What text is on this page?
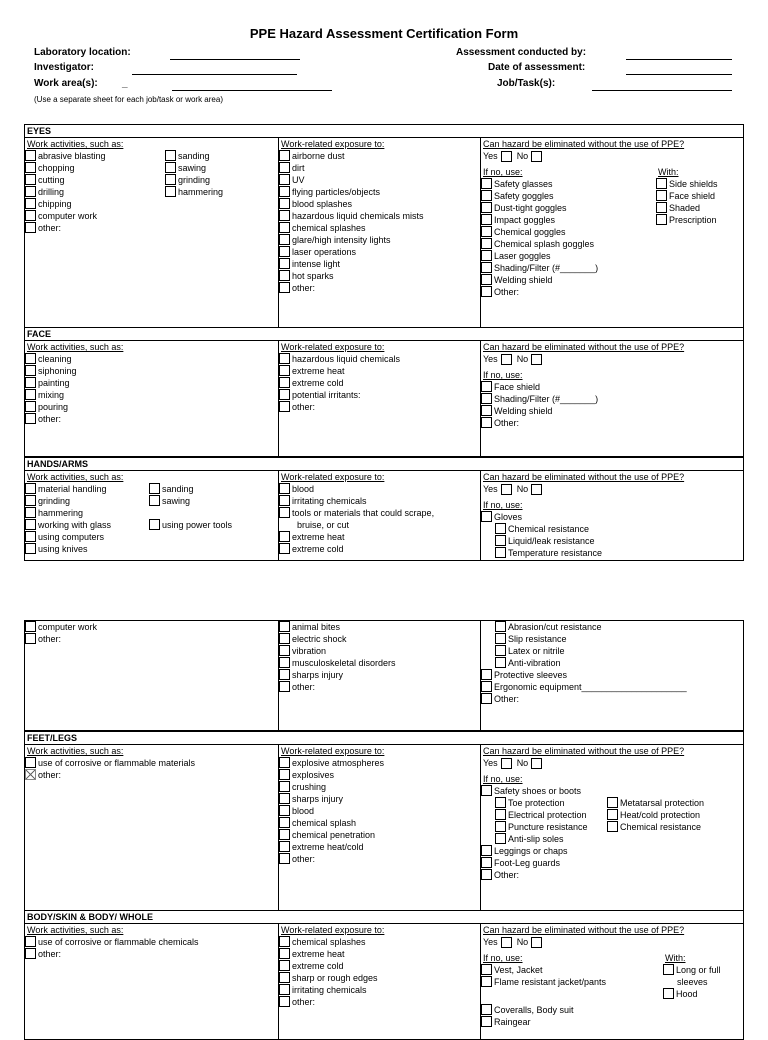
PPE Hazard Assessment Certification Form
Laboratory location:
Investigator:
Work area(s): _
Assessment conducted by:
Date of assessment:
Job/Task(s):
(Use a separate sheet for each job/task or work area)
EYES
Work activities, such as:
abrasive blasting
chopping
cutting
drilling
chipping
computer work
other:
sanding
sawing
grinding
hammering
Work-related exposure to:
airborne dust
dirt
UV
flying particles/objects
blood splashes
hazardous liquid chemicals mists
chemical splashes
glare/high intensity lights
laser operations
intense light
hot sparks
other:
Can hazard be eliminated without the use of PPE?
Yes No
If no, use:
Safety glasses
Safety goggles
Dust-tight goggles
Impact goggles
Chemical goggles
Chemical splash goggles
Laser goggles
Shading/Filter (#_______)
Welding shield
Other:
With:
Side shields
Face shield
Shaded
Prescription
FACE
Work activities, such as:
cleaning
siphoning
painting
mixing
pouring
other:
Work-related exposure to:
hazardous liquid chemicals
extreme heat
extreme cold
potential irritants:
other:
Can hazard be eliminated without the use of PPE?
Yes No
If no, use:
Face shield
Shading/Filter (#_______)
Welding shield
Other:
HANDS/ARMS
Work activities, such as:
material handling
grinding
hammering
working with glass
using computers
using knives
sanding
sawing
using power tools
Work-related exposure to:
blood
irritating chemicals
tools or materials that could scrape,
bruise, or cut
extreme heat
extreme cold
Can hazard be eliminated without the use of PPE?
Yes No
If no, use:
Gloves
Chemical resistance
Liquid/leak resistance
Temperature resistance
computer work
other:
animal bites
electric shock
vibration
musculoskeletal disorders
sharps injury
other:
Abrasion/cut resistance
Slip resistance
Latex or nitrile
Anti-vibration
Protective sleeves
Ergonomic equipment_____________________
Other:
FEET/LEGS
Work activities, such as:
use of corrosive or flammable materials
other:
Work-related exposure to:
explosive atmospheres
explosives
crushing
sharps injury
blood
chemical splash
chemical penetration
extreme heat/cold
other:
Can hazard be eliminated without the use of PPE?
Yes No
If no, use:
Safety shoes or boots
Toe protection
Electrical protection
Puncture resistance
Anti-slip soles
Metatarsal protection
Heat/cold protection
Chemical resistance
Leggings or chaps
Foot-Leg guards
Other:
BODY/SKIN & BODY/ WHOLE
Work activities, such as:
use of corrosive or flammable chemicals
other:
Work-related exposure to:
chemical splashes
extreme heat
extreme cold
sharp or rough edges
irritating chemicals
other:
Can hazard be eliminated without the use of PPE?
Yes No
If no, use:
Vest, Jacket
Flame resistant jacket/pants
With:
Long or full
sleeves
Hood
Coveralls, Body suit
Raingear
